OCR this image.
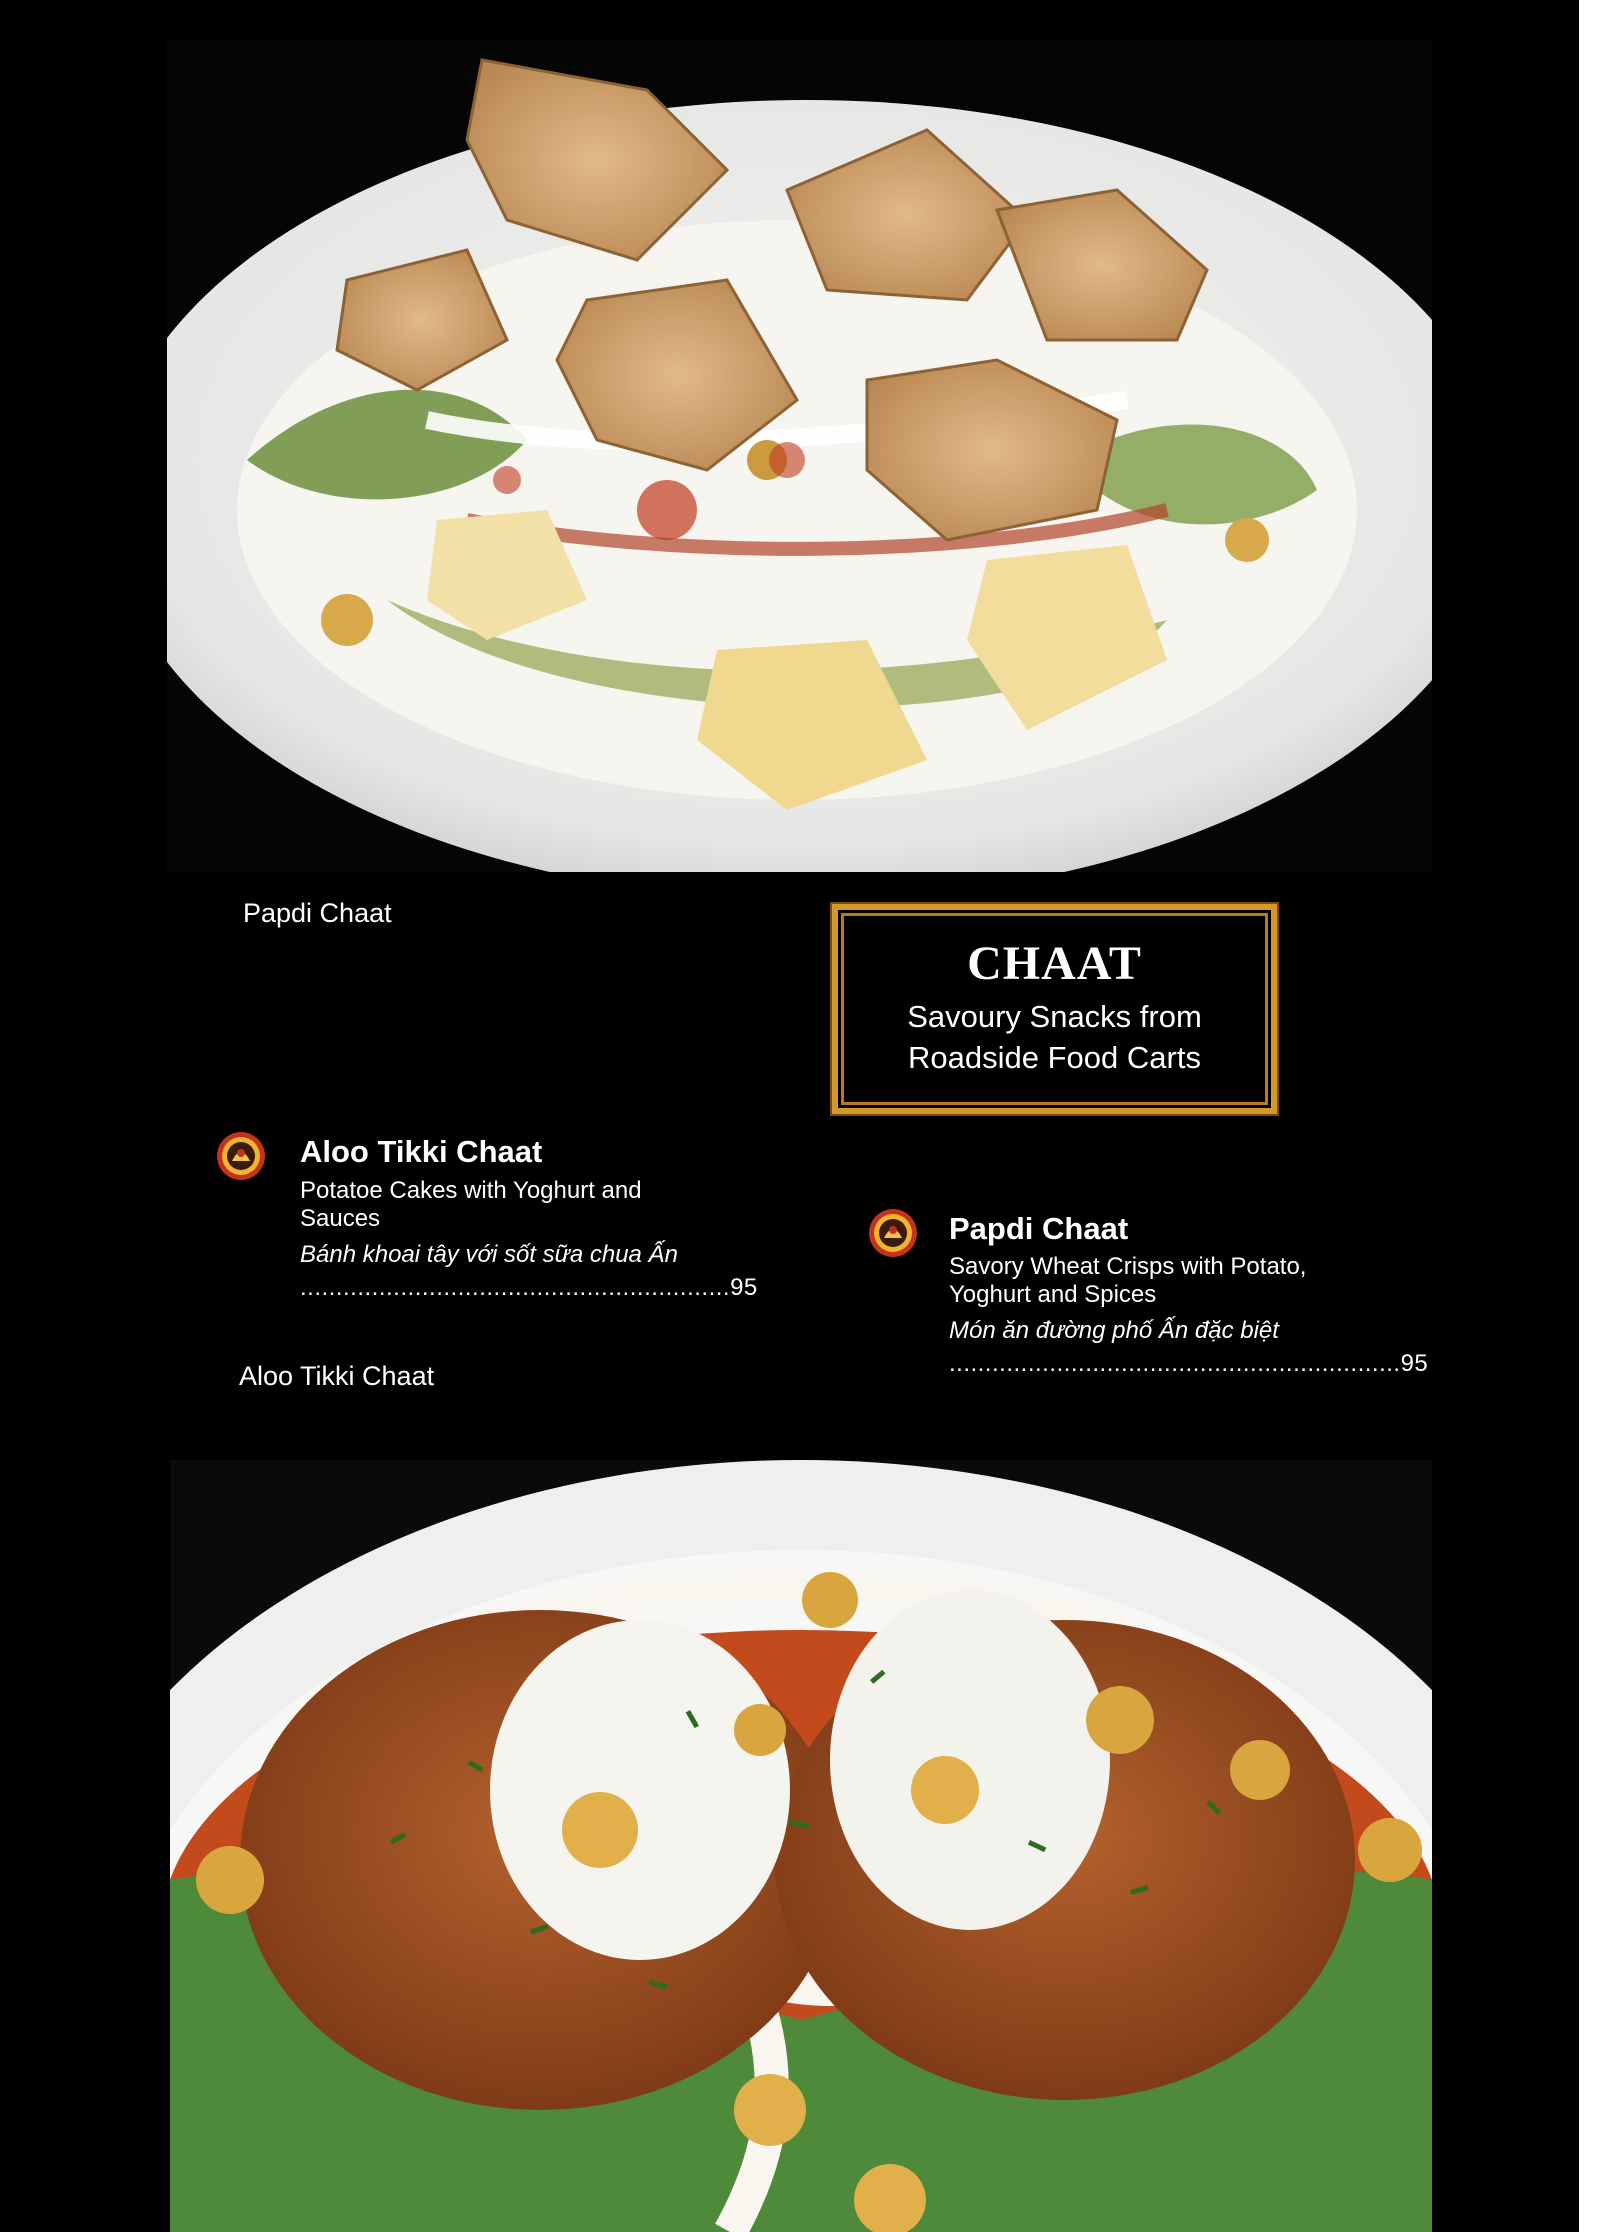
Papdi Chaat

CHAAT
Savoury Snacks from
Roadside Food Carts
Aloo Tikki Chaat
Potatoe Cakes with Yoghurt and
Sauces
Bánh khoai tây với sốt sữa chua Ấn
............................................................95

Aloo Tikki Chaat

Papdi Chaat
Savory Wheat Crisps with Potato,
Yoghurt and Spices
Món ăn đường phố Ấn đặc biệt
...............................................................95
